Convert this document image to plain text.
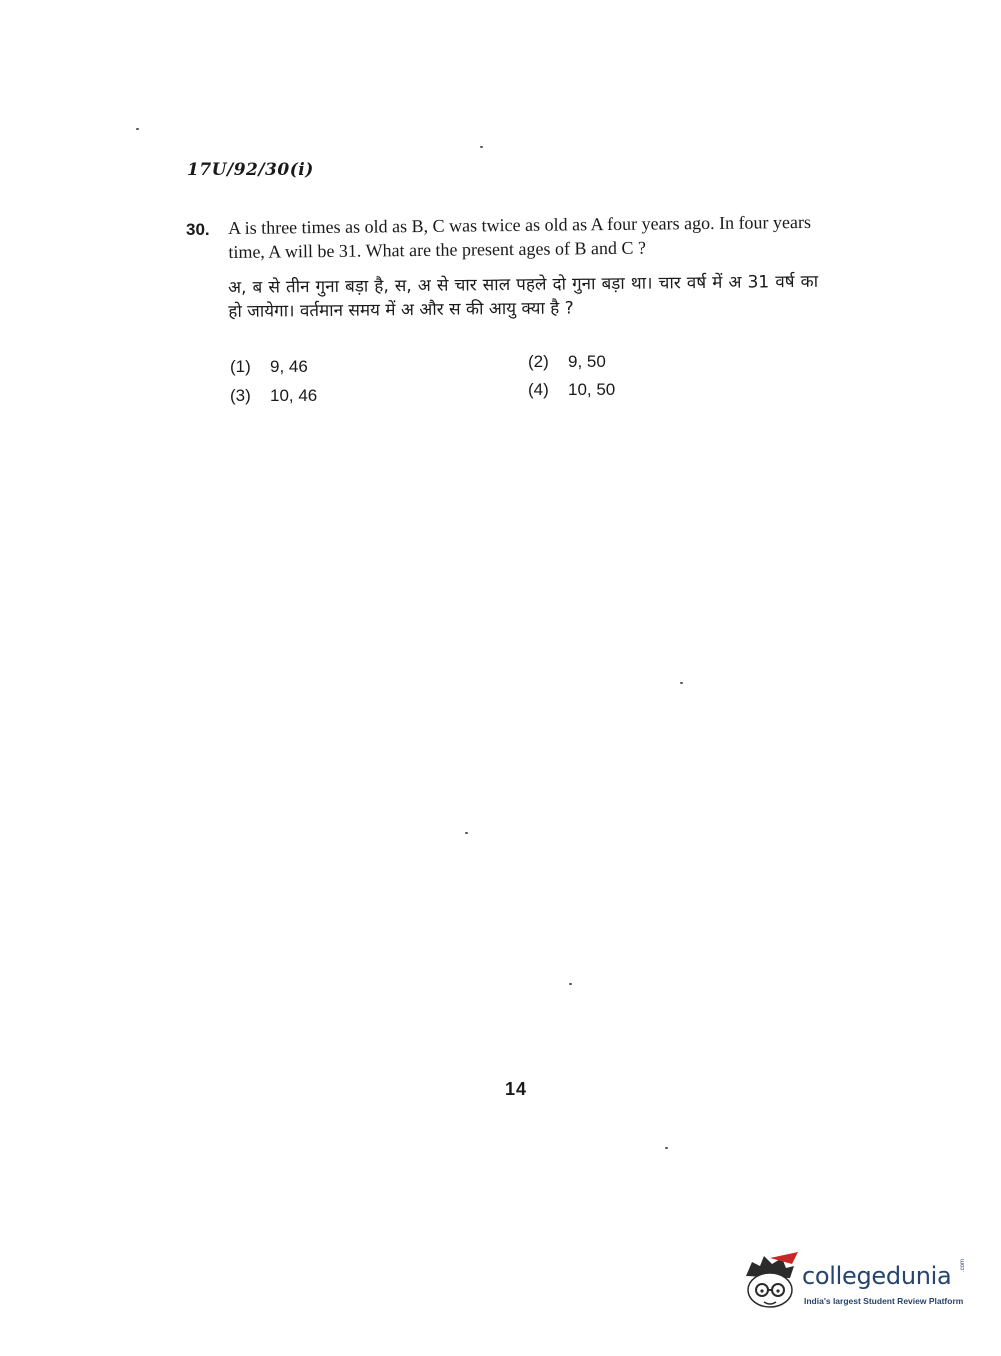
17U/92/30(i)
30. A is three times as old as B, C was twice as old as A four years ago. In four years time, A will be 31. What are the present ages of B and C ?
अ, ब से तीन गुना बड़ा है, स, अ से चार साल पहले दो गुना बड़ा था। चार वर्ष में अ 31 वर्ष का हो जायेगा। वर्तमान समय में अ और स की आयु क्या है ?
(1) 9, 46	(2) 9, 50
(3) 10, 46	(4) 10, 50
14
collegedunia .com
India's largest Student Review Platform
